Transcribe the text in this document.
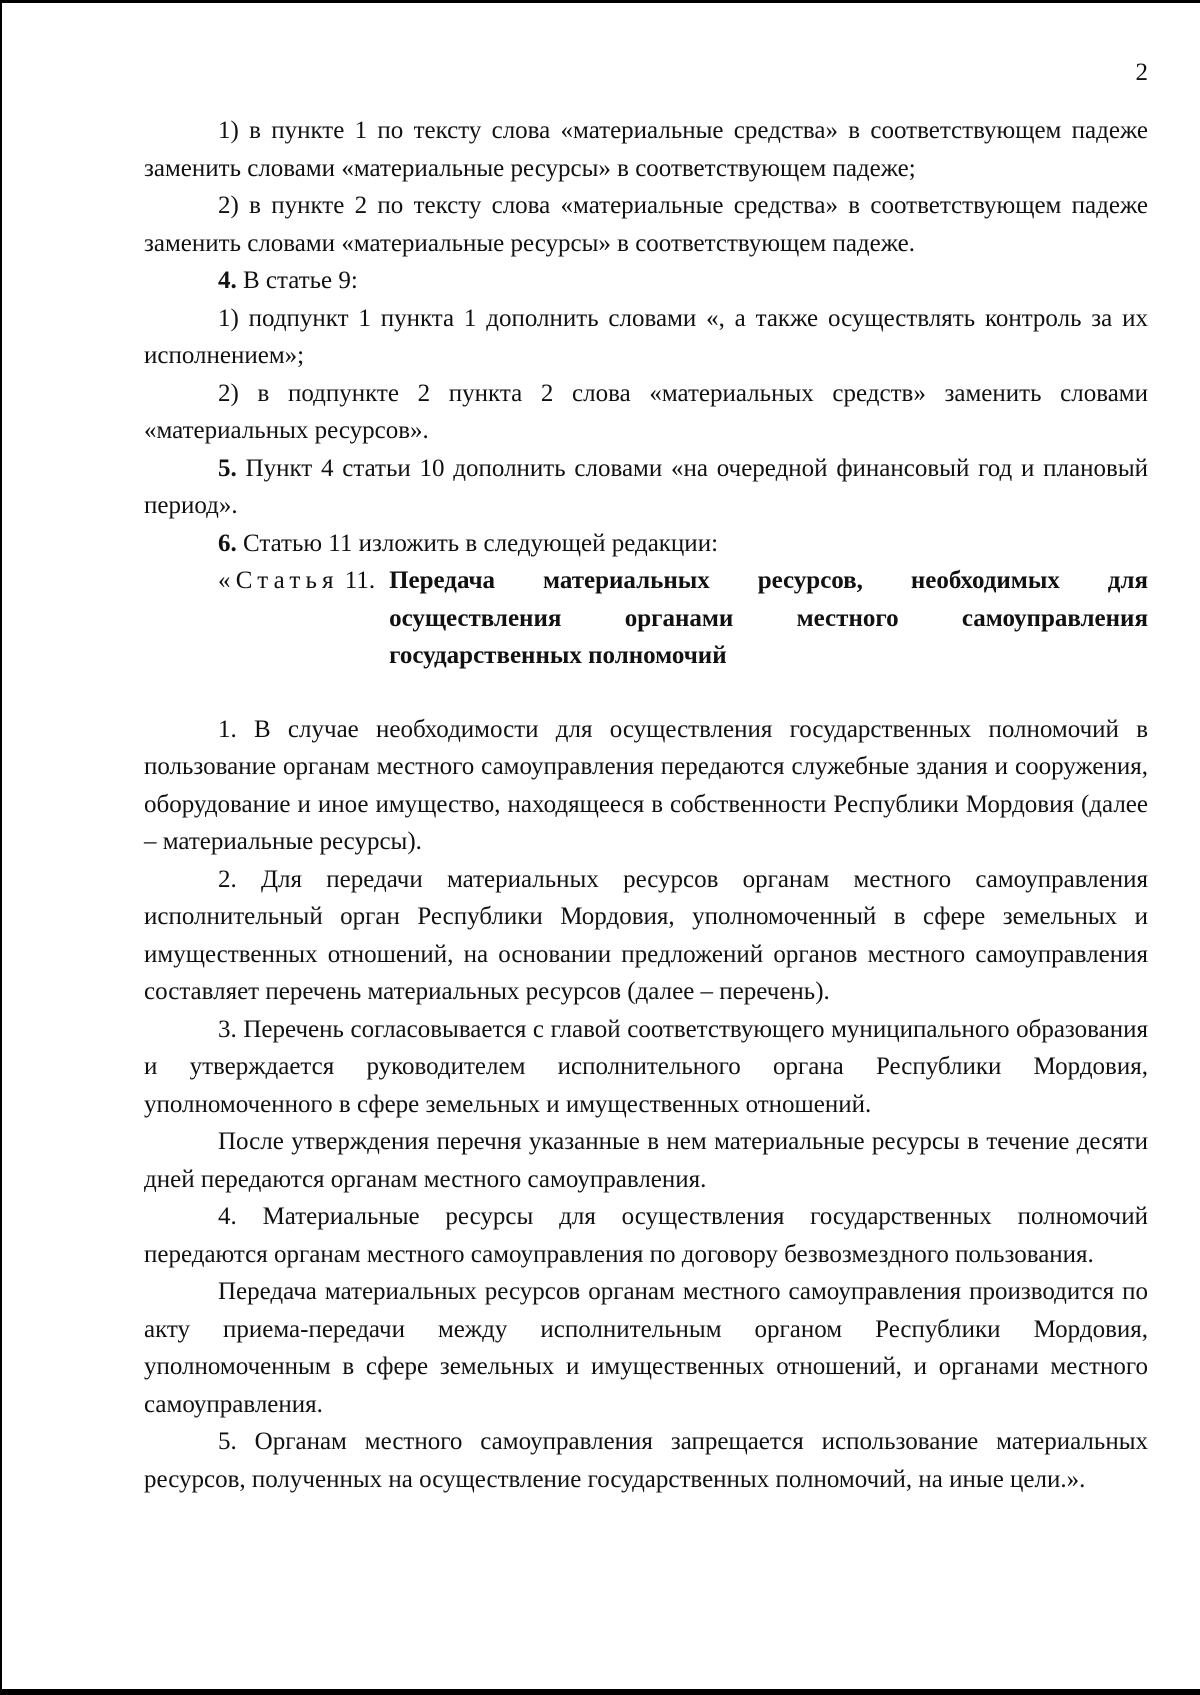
2

1) в пункте 1 по тексту слова «материальные средства» в соответствующем падеже заменить словами «материальные ресурсы» в соответствующем падеже;

2) в пункте 2 по тексту слова «материальные средства» в соответствующем падеже заменить словами «материальные ресурсы» в соответствующем падеже.

4. В статье 9:

1) подпункт 1 пункта 1 дополнить словами «, а также осуществлять контроль за их исполнением»;

2) в подпункте 2 пункта 2 слова «материальных средств» заменить словами «материальных ресурсов».

5. Пункт 4 статьи 10 дополнить словами «на очередной финансовый год и плановый период».

6. Статью 11 изложить в следующей редакции:

«Статья 11. Передача материальных ресурсов, необходимых для осуществления органами местного самоуправления государственных полномочий

1. В случае необходимости для осуществления государственных полномочий в пользование органам местного самоуправления передаются служебные здания и сооружения, оборудование и иное имущество, находящееся в собственности Республики Мордовия (далее – материальные ресурсы).

2. Для передачи материальных ресурсов органам местного самоуправления исполнительный орган Республики Мордовия, уполномоченный в сфере земельных и имущественных отношений, на основании предложений органов местного самоуправления составляет перечень материальных ресурсов (далее – перечень).

3. Перечень согласовывается с главой соответствующего муниципального образования и утверждается руководителем исполнительного органа Республики Мордовия, уполномоченного в сфере земельных и имущественных отношений.

После утверждения перечня указанные в нем материальные ресурсы в течение десяти дней передаются органам местного самоуправления.

4. Материальные ресурсы для осуществления государственных полномочий передаются органам местного самоуправления по договору безвозмездного пользования.

Передача материальных ресурсов органам местного самоуправления производится по акту приема-передачи между исполнительным органом Республики Мордовия, уполномоченным в сфере земельных и имущественных отношений, и органами местного самоуправления.

5. Органам местного самоуправления запрещается использование материальных ресурсов, полученных на осуществление государственных полномочий, на иные цели.».
